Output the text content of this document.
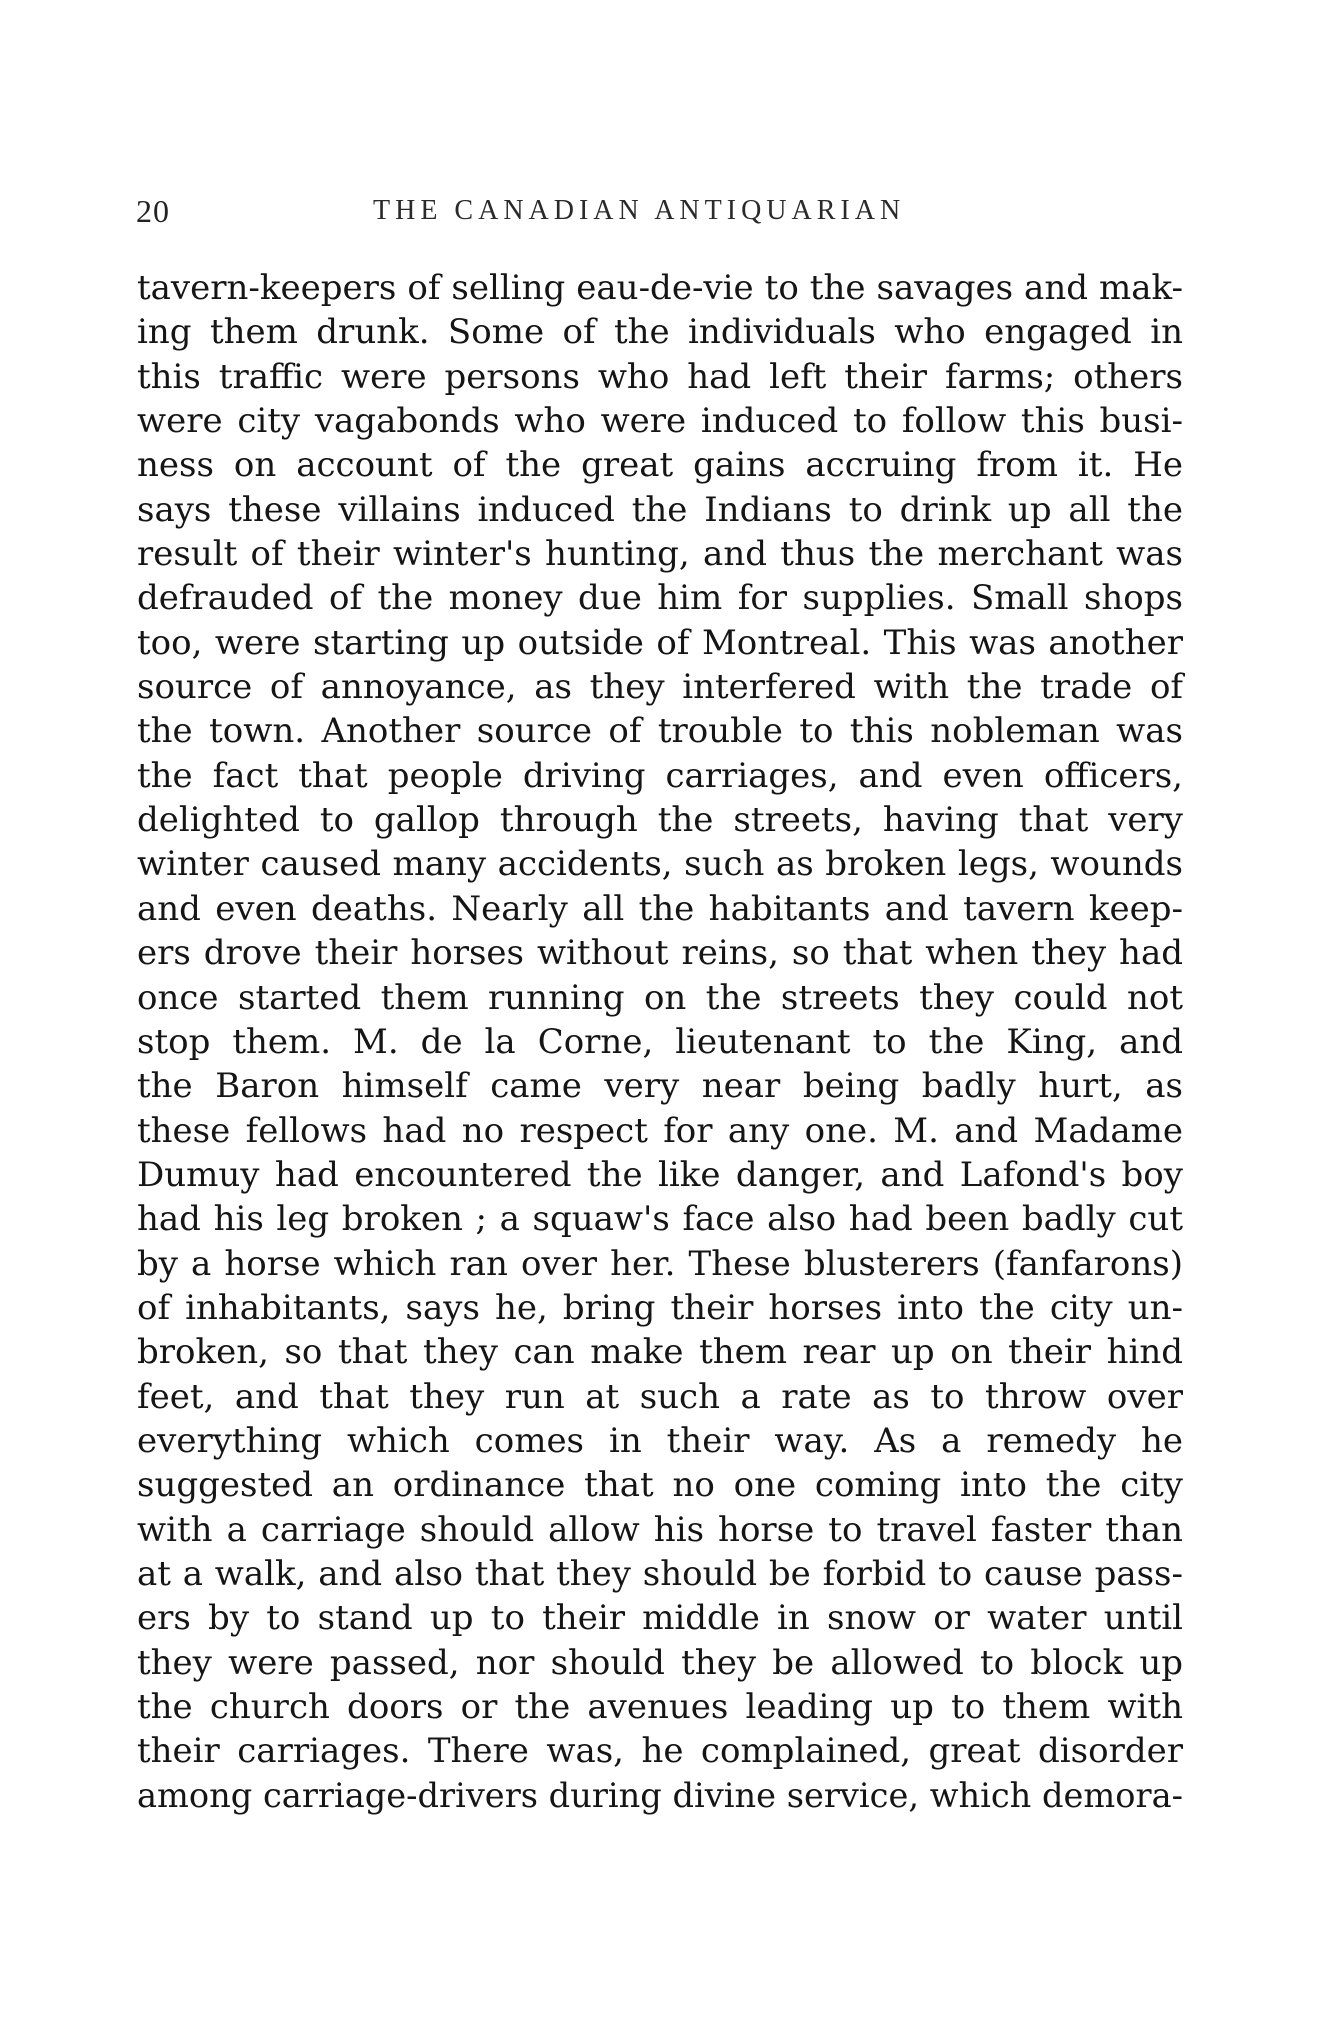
20	THE CANADIAN ANTIQUARIAN
tavern-keepers of selling eau-de-vie to the savages and mak-
ing them drunk. Some of the individuals who engaged in
this traffic were persons who had left their farms; others
were city vagabonds who were induced to follow this busi-
ness on account of the great gains accruing from it. He
says these villains induced the Indians to drink up all the
result of their winter's hunting, and thus the merchant was
defrauded of the money due him for supplies. Small shops
too, were starting up outside of Montreal. This was another
source of annoyance, as they interfered with the trade of
the town. Another source of trouble to this nobleman was
the fact that people driving carriages, and even officers,
delighted to gallop through the streets, having that very
winter caused many accidents, such as broken legs, wounds
and even deaths. Nearly all the habitants and tavern keep-
ers drove their horses without reins, so that when they had
once started them running on the streets they could not
stop them. M. de la Corne, lieutenant to the King, and
the Baron himself came very near being badly hurt, as
these fellows had no respect for any one. M. and Madame
Dumuy had encountered the like danger, and Lafond's boy
had his leg broken ; a squaw's face also had been badly cut
by a horse which ran over her. These blusterers (fanfarons)
of inhabitants, says he, bring their horses into the city un-
broken, so that they can make them rear up on their hind
feet, and that they run at such a rate as to throw over
everything which comes in their way. As a remedy he
suggested an ordinance that no one coming into the city
with a carriage should allow his horse to travel faster than
at a walk, and also that they should be forbid to cause pass-
ers by to stand up to their middle in snow or water until
they were passed, nor should they be allowed to block up
the church doors or the avenues leading up to them with
their carriages. There was, he complained, great disorder
among carriage-drivers during divine service, which demora-
